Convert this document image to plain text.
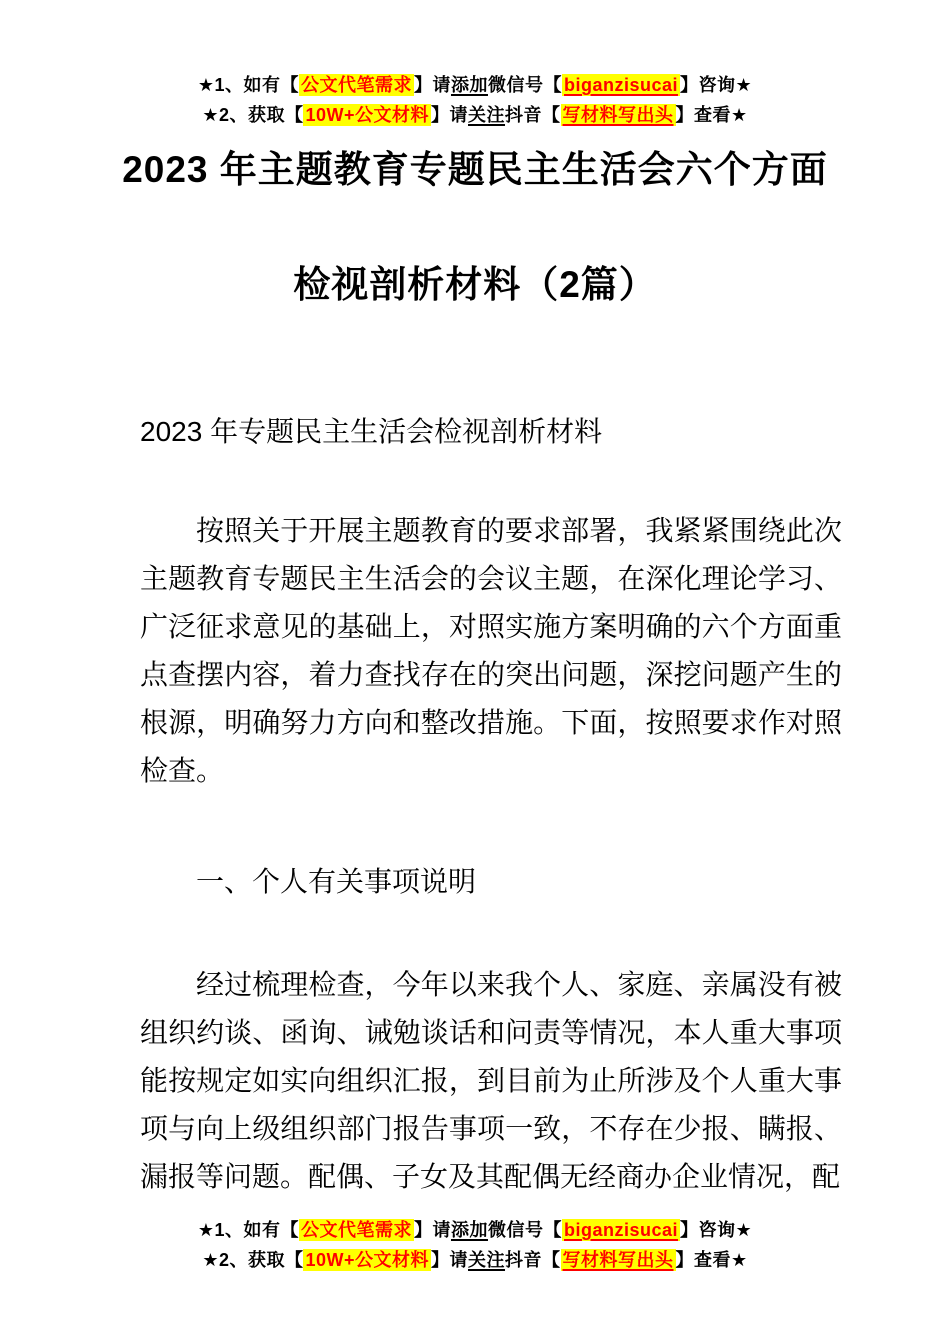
★1、如有【 公文代笔需求 】请添加微信号【 biganzisucai 】咨询★
★2、获取【 10W+公文材料 】请关注抖音【 写材料写出头 】查看★
2023 年主题教育专题民主生活会六个方面
检视剖析材料（2篇）
2023 年专题民主生活会检视剖析材料
按照关于开展主题教育的要求部署，我紧紧围绕此次主题教育专题民主生活会的会议主题，在深化理论学习、广泛征求意见的基础上，对照实施方案明确的六个方面重点查摆内容，着力查找存在的突出问题，深挖问题产生的根源，明确努力方向和整改措施。下面，按照要求作对照检查。
一、个人有关事项说明
经过梳理检查，今年以来我个人、家庭、亲属没有被组织约谈、函询、诫勉谈话和问责等情况，本人重大事项能按规定如实向组织汇报，到目前为止所涉及个人重大事项与向上级组织部门报告事项一致，不存在少报、瞒报、漏报等问题。配偶、子女及其配偶无经商办企业情况，配
★1、如有【 公文代笔需求 】请添加微信号【 biganzisucai 】咨询★
★2、获取【 10W+公文材料 】请关注抖音【 写材料写出头 】查看★
